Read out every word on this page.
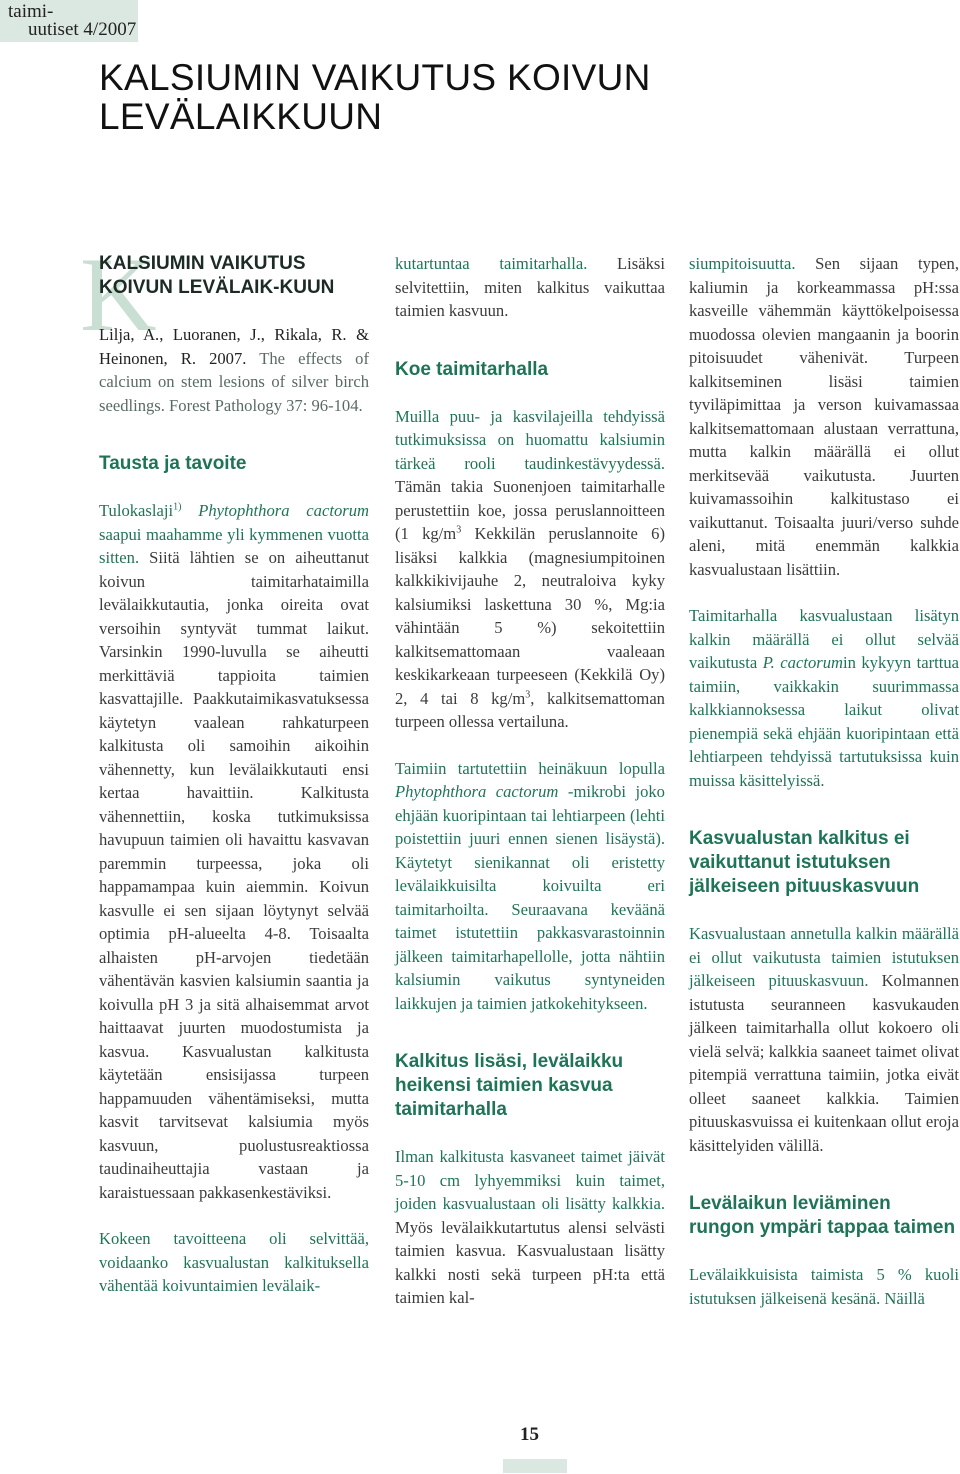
taimi-
uutiset 4/2007
KALSIUMIN VAIKUTUS KOIVUN LEVÄLAIKKUUN
K

KALSIUMIN VAIKUTUS KOIVUN LEVÄLAIK-KUUN

Lilja, A., Luoranen, J., Rikala, R. & Heinonen, R. 2007. The effects of calcium on stem lesions of silver birch seedlings. Forest Pathology 37: 96-104.

Tausta ja tavoite

Tulokaslaji$^{1)}$ Phytophthora cactorum saapui maahamme yli kymmenen vuotta sitten. Siitä lähtien se on aiheuttanut koivun taimitarhataimilla levälaikkutautia, jonka oireita ovat versoihin syntyvät tummat laikut. Varsinkin 1990-luvulla se aiheutti merkittäviä tappioita taimien kasvattajille. Paakkutaimikasvatuksessa käytetyn vaalean rahkaturpeen kalkitusta oli samoihin aikoihin vähennetty, kun levälaikkutauti ensi kertaa havaittiin. Kalkitusta vähennettiin, koska tutkimuksissa havupuun taimien oli havaittu kasvavan paremmin turpeessa, joka oli happamampaa kuin aiemmin. Koivun kasvulle ei sen sijaan löytynyt selvää optimia pH-alueelta 4-8. Toisaalta alhaisten pH-arvojen tiedetään vähentävän kasvien kalsiumin saantia ja koivulla pH 3 ja sitä alhaisemmat arvot haittaavat juurten muodostumista ja kasvua. Kasvualustan kalkitusta käytetään ensisijassa turpeen happamuuden vähentämiseksi, mutta kasvit tarvitsevat kalsiumia myös kasvuun, puolustusreaktiossa taudinaiheuttajia vastaan ja karaistuessaan pakkasenkestäviksi.

Kokeen tavoitteena oli selvittää, voidaanko kasvualustan kalkituksella vähentää koivuntaimien levälaik-

kutartuntaa taimitarhalla. Lisäksi selvitettiin, miten kalkitus vaikuttaa taimien kasvuun.

Koe taimitarhalla

Muilla puu- ja kasvilajeilla tehdyissä tutkimuksissa on huomattu kalsiumin tärkeä rooli taudinkestävyydessä. Tämän takia Suonenjoen taimitarhalle perustettiin koe, jossa peruslannoitteen (1 $kg/m^3$ Kekkilän peruslannoite 6) lisäksi kalkkia (magnesiumpitoinen kalkkikivijauhe 2, neutraloiva kyky kalsiumiksi laskettuna 30 %, Mg:ia vähintään 5 %) sekoitettiin kalkitsemattomaan vaaleaan keskikarkeaan turpeeseen (Kekkilä Oy) 2, 4 tai 8 $kg/m^3$, kalkitsemattoman turpeen ollessa vertailuna.

Taimiin tartutettiin heinäkuun lopulla Phytophthora cactorum -mikrobi joko ehjään kuoripintaan tai lehtiarpeen (lehti poistettiin juuri ennen sienen lisäystä). Käytetyt sienikannat oli eristetty levälaikkuisilta koivuilta eri taimitarhoilta. Seuraavana keväänä taimet istutettiin pakkasvarastoinnin jälkeen taimitarhapellolle, jotta nähtiin kalsiumin vaikutus syntyneiden laikkujen ja taimien jatkokehitykseen.

Kalkitus lisäsi, levälaikku heikensi taimien kasvua taimitarhalla

Ilman kalkitusta kasvaneet taimet jäivät 5-10 cm lyhyemmiksi kuin taimet, joiden kasvualustaan oli lisätty kalkkia. Myös levälaikkutartutus alensi selvästi taimien kasvua. Kasvualustaan lisätty kalkki nosti sekä turpeen pH:ta että taimien kal-

siumpitoisuutta. Sen sijaan typen, kaliumin ja korkeammassa pH:ssa kasveille vähemmän käyttökelpoisessa muodossa olevien mangaanin ja boorin pitoisuudet vähenivät. Turpeen kalkitseminen lisäsi taimien tyviläpimittaa ja verson kuivamassaa kalkitsemattomaan alustaan verrattuna, mutta kalkin määrällä ei ollut merkitsevää vaikutusta. Juurten kuivamassoihin kalkitustaso ei vaikuttanut. Toisaalta juuri/verso suhde aleni, mitä enemmän kalkkia kasvualustaan lisättiin.

Taimitarhalla kasvualustaan lisätyn kalkin määrällä ei ollut selvää vaikutusta P. cactorumin kykyyn tarttua taimiin, vaikkakin suurimmassa kalkkiannoksessa laikut olivat pienempiä sekä ehjään kuoripintaan että lehtiarpeen tehdyissä tartutuksissa kuin muissa käsittelyissä.

Kasvualustan kalkitus ei vaikuttanut istutuksen jälkeiseen pituuskasvuun

Kasvualustaan annetulla kalkin määrällä ei ollut vaikutusta taimien istutuksen jälkeiseen pituuskasvuun. Kolmannen istutusta seuranneen kasvukauden jälkeen taimitarhalla ollut kokoero oli vielä selvä; kalkkia saaneet taimet olivat pitempiä verrattuna taimiin, jotka eivät olleet saaneet kalkkia. Taimien pituuskasvuissa ei kuitenkaan ollut eroja käsittelyiden välillä.

Levälaikun leviäminen rungon ympäri tappaa taimen

Levälaikkuisista taimista 5 % kuoli istutuksen jälkeisenä kesänä. Näillä

15
